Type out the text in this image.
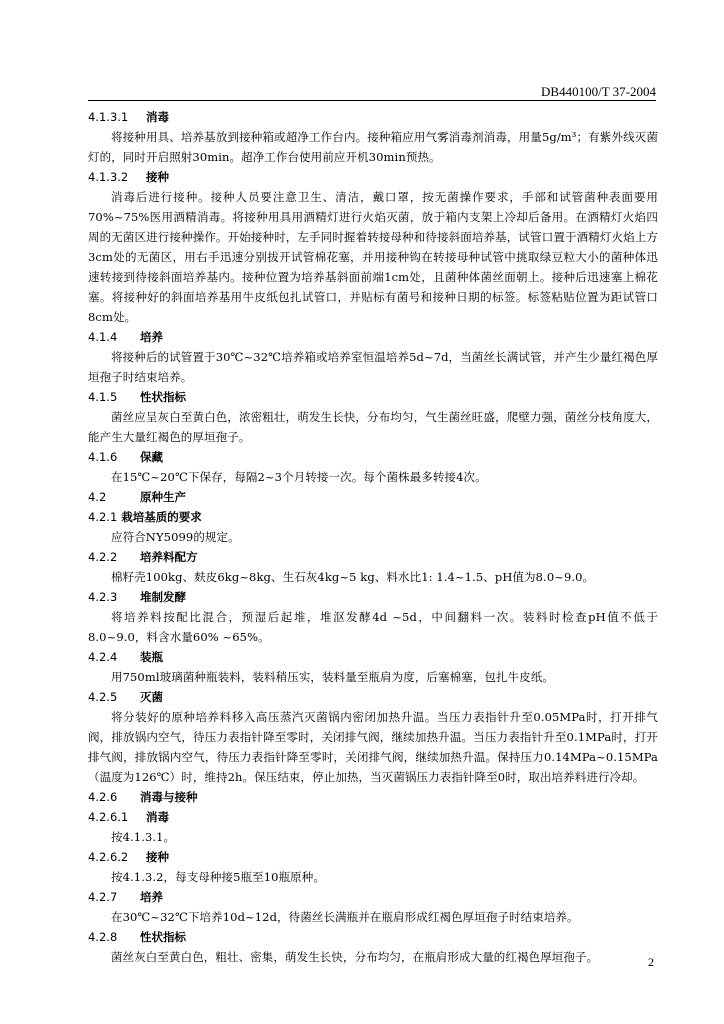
DB440100/T 37-2004
4.1.3.1 消毒
将接种用具、培养基放到接种箱或超净工作台内。接种箱应用气雾消毒剂消毒，用量5g/m³；有紫外线灭菌灯的，同时开启照射30min。超净工作台使用前应开机30min预热。
4.1.3.2 接种
消毒后进行接种。接种人员要注意卫生、清洁，戴口罩，按无菌操作要求，手部和试管菌种表面要用70%~75%医用酒精消毒。将接种用具用酒精灯进行火焰灭菌，放于箱内支架上冷却后备用。在酒精灯火焰四周的无菌区进行接种操作。开始接种时，左手同时握着转接母种和待接斜面培养基，试管口置于酒精灯火焰上方3cm处的无菌区，用右手迅速分别拔开试管棉花塞，并用接种钩在转接母种试管中挑取绿豆粒大小的菌种体迅速转接到待接斜面培养基内。接种位置为培养基斜面前端1cm处，且菌种体菌丝面朝上。接种后迅速塞上棉花塞。将接种好的斜面培养基用牛皮纸包扎试管口，并贴标有菌号和接种日期的标签。标签粘贴位置为距试管口8cm处。
4.1.4 培养
将接种后的试管置于30℃~32℃培养箱或培养室恒温培养5d~7d，当菌丝长满试管，并产生少量红褐色厚垣孢子时结束培养。
4.1.5 性状指标
菌丝应呈灰白至黄白色，浓密粗壮，萌发生长快，分布均匀，气生菌丝旺盛，爬壁力强，菌丝分枝角度大，能产生大量红褐色的厚垣孢子。
4.1.6 保藏
在15℃~20℃下保存，每隔2~3个月转接一次。每个菌株最多转接4次。
4.2	原种生产
4.2.1 栽培基质的要求
应符合NY5099的规定。
4.2.2 培养料配方
棉籽壳100kg、麸皮6kg~8kg、生石灰4kg~5 kg、料水比1: 1.4~1.5、pH值为8.0~9.0。
4.2.3 堆制发酵
将培养料按配比混合，预湿后起堆，堆沤发酵4d ~5d，中间翻料一次。装料时检查pH值不低于8.0~9.0，料含水量60% ~65%。
4.2.4 装瓶
用750ml玻璃菌种瓶装料，装料稍压实，装料量至瓶肩为度，后塞棉塞，包扎牛皮纸。
4.2.5 灭菌
将分装好的原种培养料移入高压蒸汽灭菌锅内密闭加热升温。当压力表指针升至0.05MPa时，打开排气阀，排放锅内空气，待压力表指针降至零时，关闭排气阀，继续加热升温。当压力表指针升至0.1MPa时，打开排气阀，排放锅内空气，待压力表指针降至零时，关闭排气阀，继续加热升温。保持压力0.14MPa~0.15MPa（温度为126℃）时，维持2h。保压结束，停止加热，当灭菌锅压力表指针降至0时，取出培养料进行冷却。
4.2.6 消毒与接种
4.2.6.1 消毒
按4.1.3.1。
4.2.6.2 接种
按4.1.3.2，每支母种接5瓶至10瓶原种。
4.2.7 培养
在30℃~32℃下培养10d~12d，待菌丝长满瓶并在瓶肩形成红褐色厚垣孢子时结束培养。
4.2.8 性状指标
菌丝灰白至黄白色，粗壮、密集，萌发生长快，分布均匀，在瓶肩形成大量的红褐色厚垣孢子。	2
